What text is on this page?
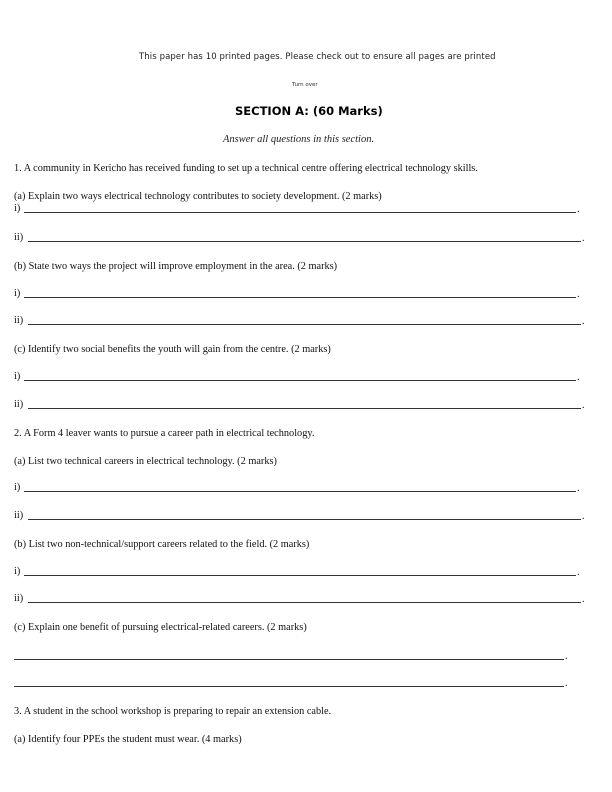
This paper has 10 printed pages. Please check out to ensure all pages are printed
Turn over
SECTION A: (60 Marks)
Answer all questions in this section.
1. A community in Kericho has received funding to set up a technical centre offering electrical technology skills.
(a) Explain two ways electrical technology contributes to society development. (2 marks)
i)	.
ii)	.
(b) State two ways the project will improve employment in the area. (2 marks)
i)	.
ii)	.
(c) Identify two social benefits the youth will gain from the centre. (2 marks)
i)	.
ii)	.
2. A Form 4 leaver wants to pursue a career path in electrical technology.
(a) List two technical careers in electrical technology. (2 marks)
i)	.
ii)	.
(b) List two non-technical/support careers related to the field. (2 marks)
i)	.
ii)	.
(c) Explain one benefit of pursuing electrical-related careers. (2 marks)
.
.
3. A student in the school workshop is preparing to repair an extension cable.
(a) Identify four PPEs the student must wear. (4 marks)
